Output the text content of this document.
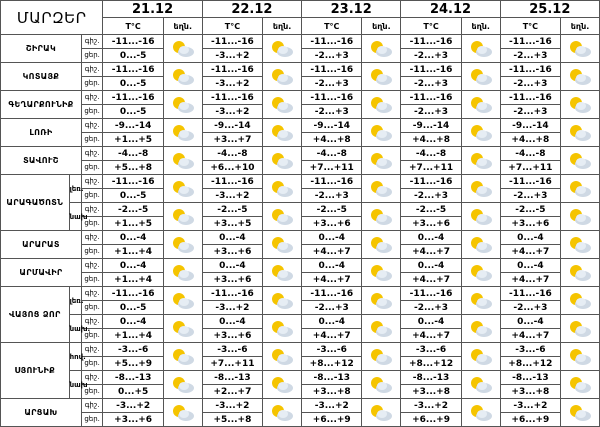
ՄԱՐԶԵՐ			21.12		22.12		23.12		24.12		25.12	
			T°C	եղն.	T°C	եղն.	T°C	եղն.	T°C	եղն.	T°C	եղն.
ՇԻՐԱԿ		գիշ.	-11...-16		-11...-16		-11...-16		-11...-16		-11...-16	

		ցեր.	0...-5		-3...+2		-2...+3		-2...+3		-2...+3	
ԿՈՏԱՅՔ		գիշ.	-11...-16		-11...-16		-11...-16		-11...-16		-11...-16	

		ցեր.	0...-5		-3...+2		-2...+3		-2...+3		-2...+3	
ԳԵՂԱՐՔՈՒՆԻՔ		գիշ.	-11...-16		-11...-16		-11...-16		-11...-16		-11...-16	

		ցեր.	0...-5		-3...+2		-2...+3		-2...+3		-2...+3	
ԼՈՌԻ		գիշ.	-9...-14		-9...-14		-9...-14		-9...-14		-9...-14	

		ցեր.	+1...+5		+3...+7		+4...+8		+4...+8		+4...+8	
ՏԱՎՈՒՇ		գիշ.	-4...-8		-4...-8		-4...-8		-4...-8		-4...-8	

		ցեր.	+5...+8		+6...+10		+7...+11		+7...+11		+7...+11	
ԱՐԱԳԱԾՈՏՆ	լեռ.	գիշ.	-11...-16		-11...-16		-11...-16		-11...-16		-11...-16	

		ցեր.	0...-5		-3...+2		-2...+3		-2...+3		-2...+3	
	նախ	գիշ.	-2...-5		-2...-5		-2...-5		-2...-5		-2...-5	

		ցեր.	+1...+5		+3...+5		+3...+6		+3...+6		+3...+6	
ԱՐԱՐԱՏ		գիշ.	0...-4		0...-4		0...-4		0...-4		0...-4	

		ցեր.	+1...+4		+3...+6		+4...+7		+4...+7		+4...+7	
ԱՐՄԱՎԻՐ		գիշ.	0...-4		0...-4		0...-4		0...-4		0...-4	

		ցեր.	+1...+4		+3...+6		+4...+7		+4...+7		+4...+7	
ՎԱՅՈՑ ՁՈՐ	լեռ.	գիշ.	-11...-16		-11...-16		-11...-16		-11...-16		-11...-16	

		ցեր.	0...-5		-3...+2		-2...+3		-2...+3		-2...+3	
	նախ.	գիշ.	0...-4		0...-4		0...-4		0...-4		0...-4	

		ցեր.	+1...+4		+3...+6		+4...+7		+4...+7		+4...+7	
ՍՅՈՒՆԻՔ	հով.	գիշ.	-3...-6		-3...-6		-3...-6		-3...-6		-3...-6	

		ցեր.	+5...+9		+7...+11		+8...+12		+8...+12		+8...+12	
	նախ	գիշ.	-8...-13		-8...-13		-8...-13		-8...-13		-8...-13	

		ցեր.	0...+5		+2...+7		+3...+8		+3...+8		+3...+8	
ԱՐՑԱԽ		գիշ.	-3...+2		-3...+2		-3...+2		-3...+2		-3...+2	

		ցեր.	+3...+6		+5...+8		+6...+9		+6...+9		+6...+9	
